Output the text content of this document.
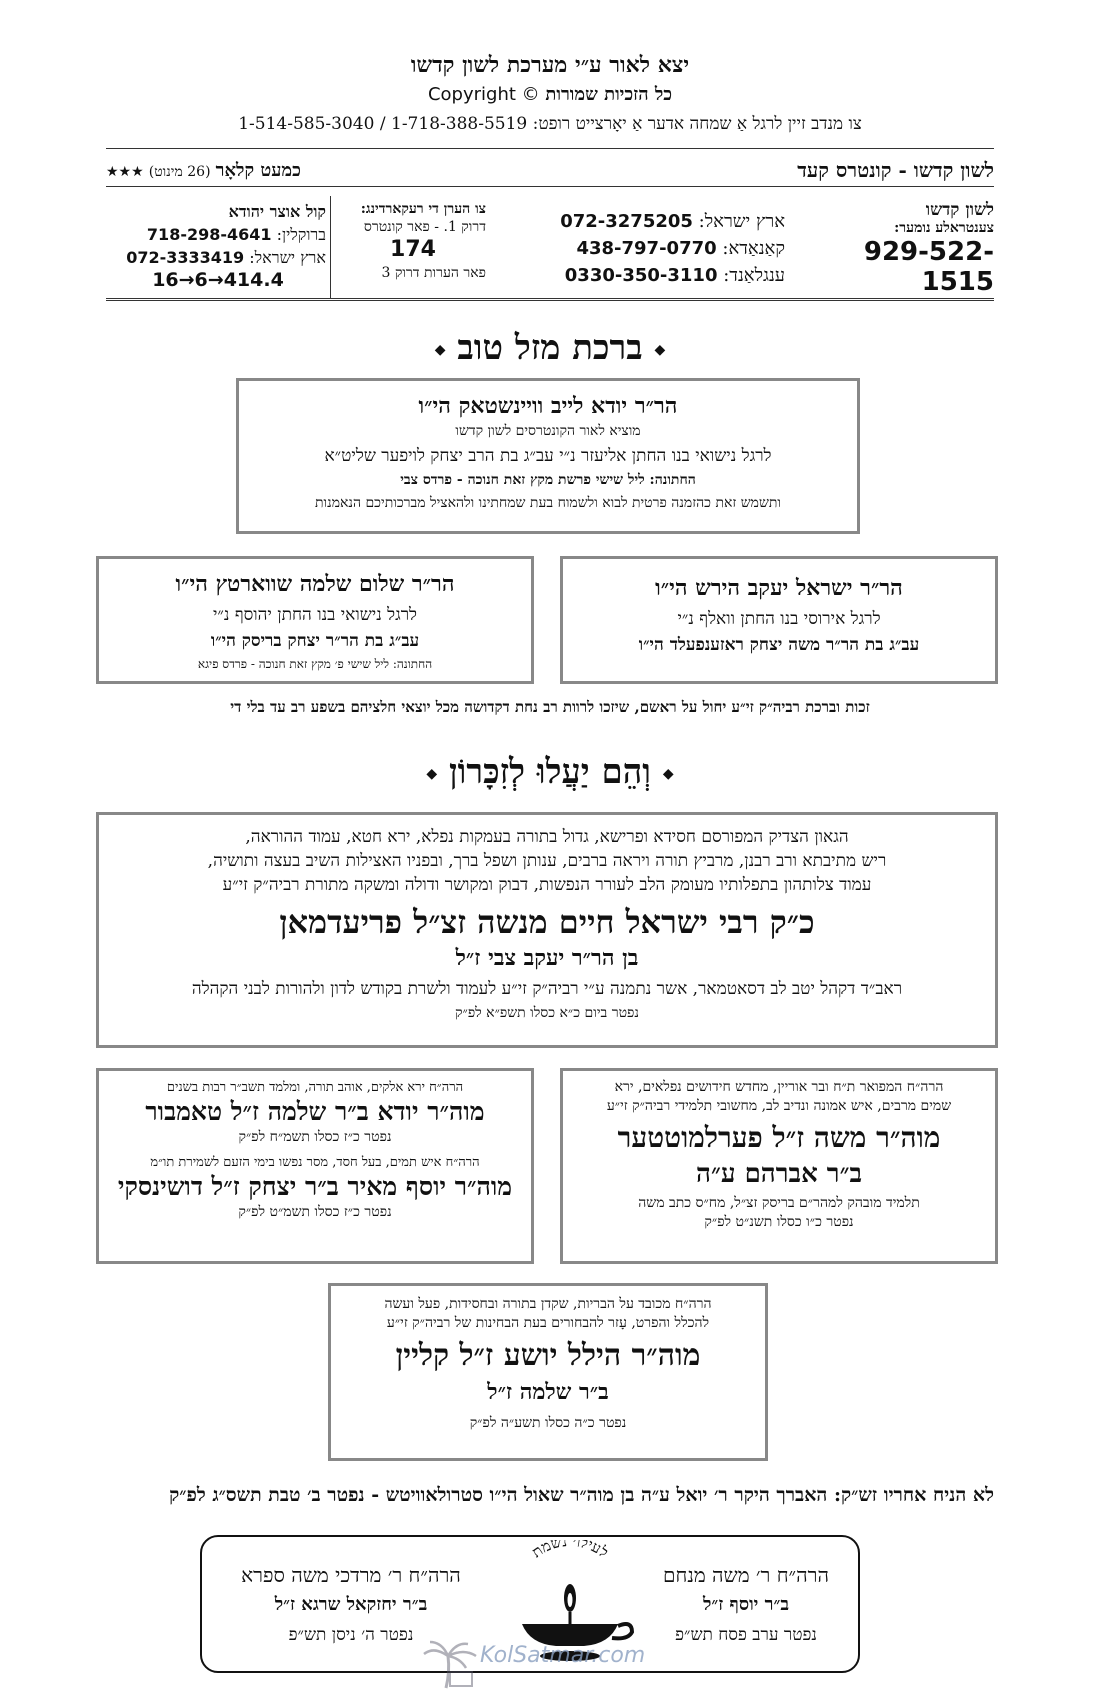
יצא לאור ע״י מערכת לשון קדשו
Copyright © כל הזכיות שמורות
צו מנדב זיין לרגל אַ שמחה אדער אַ יאָרצייט רופט: 1-718-388-5519 / 1-514-585-3040
לשון קדשו - קונטרס קעד
כמעט קלאָר (26 מינוט) ★★★
לשון קדשו
צענטראלע נומער:
929-522-1515
ארץ ישראל: 072-3275205
קאַנאַדא: 438-797-0770
ענגלאַנד: 0330-350-3110
צו הערן די רעקארדינג:
דרוק 1. - פאר קונטרס
174
פאר הערות דרוק 3
קול אוצר יהודא
ברוקלין: 718-298-4641
ארץ ישראל: 072-3333419
16→6→414.4
◆ ברכת מזל טוב ◆
הר״ר יודא לייב וויינשטאק הי״ו
מוציא לאור הקונטרסים לשון קדשו
לרגל נישואי בנו החתן אליעזר נ״י עב״ג בת הרב יצחק לויפער שליט״א
החתונה: ליל שישי פרשת מקץ זאת חנוכה - פרדס צבי
ותשמש זאת כהזמנה פרטית לבוא ולשמוח בעת שמחתינו ולהאציל מברכותיכם הנאמנות
הר״ר שלום שלמה שווארטץ הי״ו
לרגל נישואי בנו החתן יהוסף נ״י
עב״ג בת הר״ר יצחק בריסק הי״ו
החתונה: ליל שישי פ׳ מקץ זאת חנוכה - פרדס פיגא
הר״ר ישראל יעקב הירש הי״ו
לרגל אירוסי בנו החתן וואלף נ״י
עב״ג בת הר״ר משה יצחק ראזענפעלד הי״ו
זכות וברכת רביה״ק זי״ע יחול על ראשם, שיזכו לרוות רב נחת דקדושה מכל יוצאי חלציהם בשפע רב עד בלי די
◆ וְהֵם יַעֲלוּ לְזִכָּרוֹן ◆
הגאון הצדיק המפורסם חסידא ופרישא, גדול בתורה בעמקות נפלא, ירא חטא, עמוד ההוראה,
ריש מתיבתא ורב רבנן, מרביץ תורה ויראה ברבים, ענותן ושפל ברך, ובפניו האצילות השיב בעצה ותושיה,
עמוד צלותהון בתפלותיו מעומק הלב לעורר הנפשות, דבוק ומקושר ודולה ומשקה מתורת רביה״ק זי״ע
כ״ק רבי ישראל חיים מנשה זצ״ל פריעדמאן
בן הר״ר יעקב צבי ז״ל
ראב״ד דקהל יטב לב דסאטמאר, אשר נתמנה ע״י רביה״ק זי״ע לעמוד ולשרת בקודש לדון ולהורות לבני הקהלה
נפטר ביום כ״א כסלו תשפ״א לפ״ק
הרה״ח ירא אלקים, אוהב תורה, ומלמד תשב״ר רבות בשנים
מוה״ר יודא ב״ר שלמה ז״ל טאמבור
נפטר כ״ז כסלו תשמ״ח לפ״ק
הרה״ח איש תמים, בעל חסד, מסר נפשו בימי הזעם לשמירת תו״מ
מוה״ר יוסף מאיר ב״ר יצחק ז״ל דושינסקי
נפטר כ״ז כסלו תשמ״ט לפ״ק
הרה״ח המפואר ת״ח ובר אוריין, מחדש חידושים נפלאים, ירא
שמים מרבים, איש אמונה ונדיב לב, מחשובי תלמידי רביה״ק זי״ע
מוה״ר משה ז״ל פערלמוטטער
ב״ר אברהם ע״ה
תלמיד מובהק למהר״ם בריסק זצ״ל, מח״ס כתב משה
נפטר כ״ו כסלו תשנ״ט לפ״ק
הרה״ח מכובד על הבריות, שקדן בתורה ובחסידות, פעל ועשה
להכלל והפרט, עָזר להבחורים בעת הבחינות של רביה״ק זי״ע
מוה״ר הילל יושע ז״ל קליין
ב״ר שלמה ז״ל
נפטר כ״ה כסלו תשע״ה לפ״ק
לא הניח אחריו זש״ק: האברך היקר ר׳ יואל ע״ה בן מוה״ר שאול הי״ו סטרולאוויטש - נפטר ב׳ טבת תשס״ג לפ״ק
הרה״ח ר׳ משה מנחם
ב״ר יוסף ז״ל
נפטר ערב פסח תש״פ
הרה״ח ר׳ מרדכי משה ספרא
ב״ר יחזקאל שרגא ז״ל
נפטר ה׳ ניסן תש״פ
לעילוי נשמת
KolSatmar.com
